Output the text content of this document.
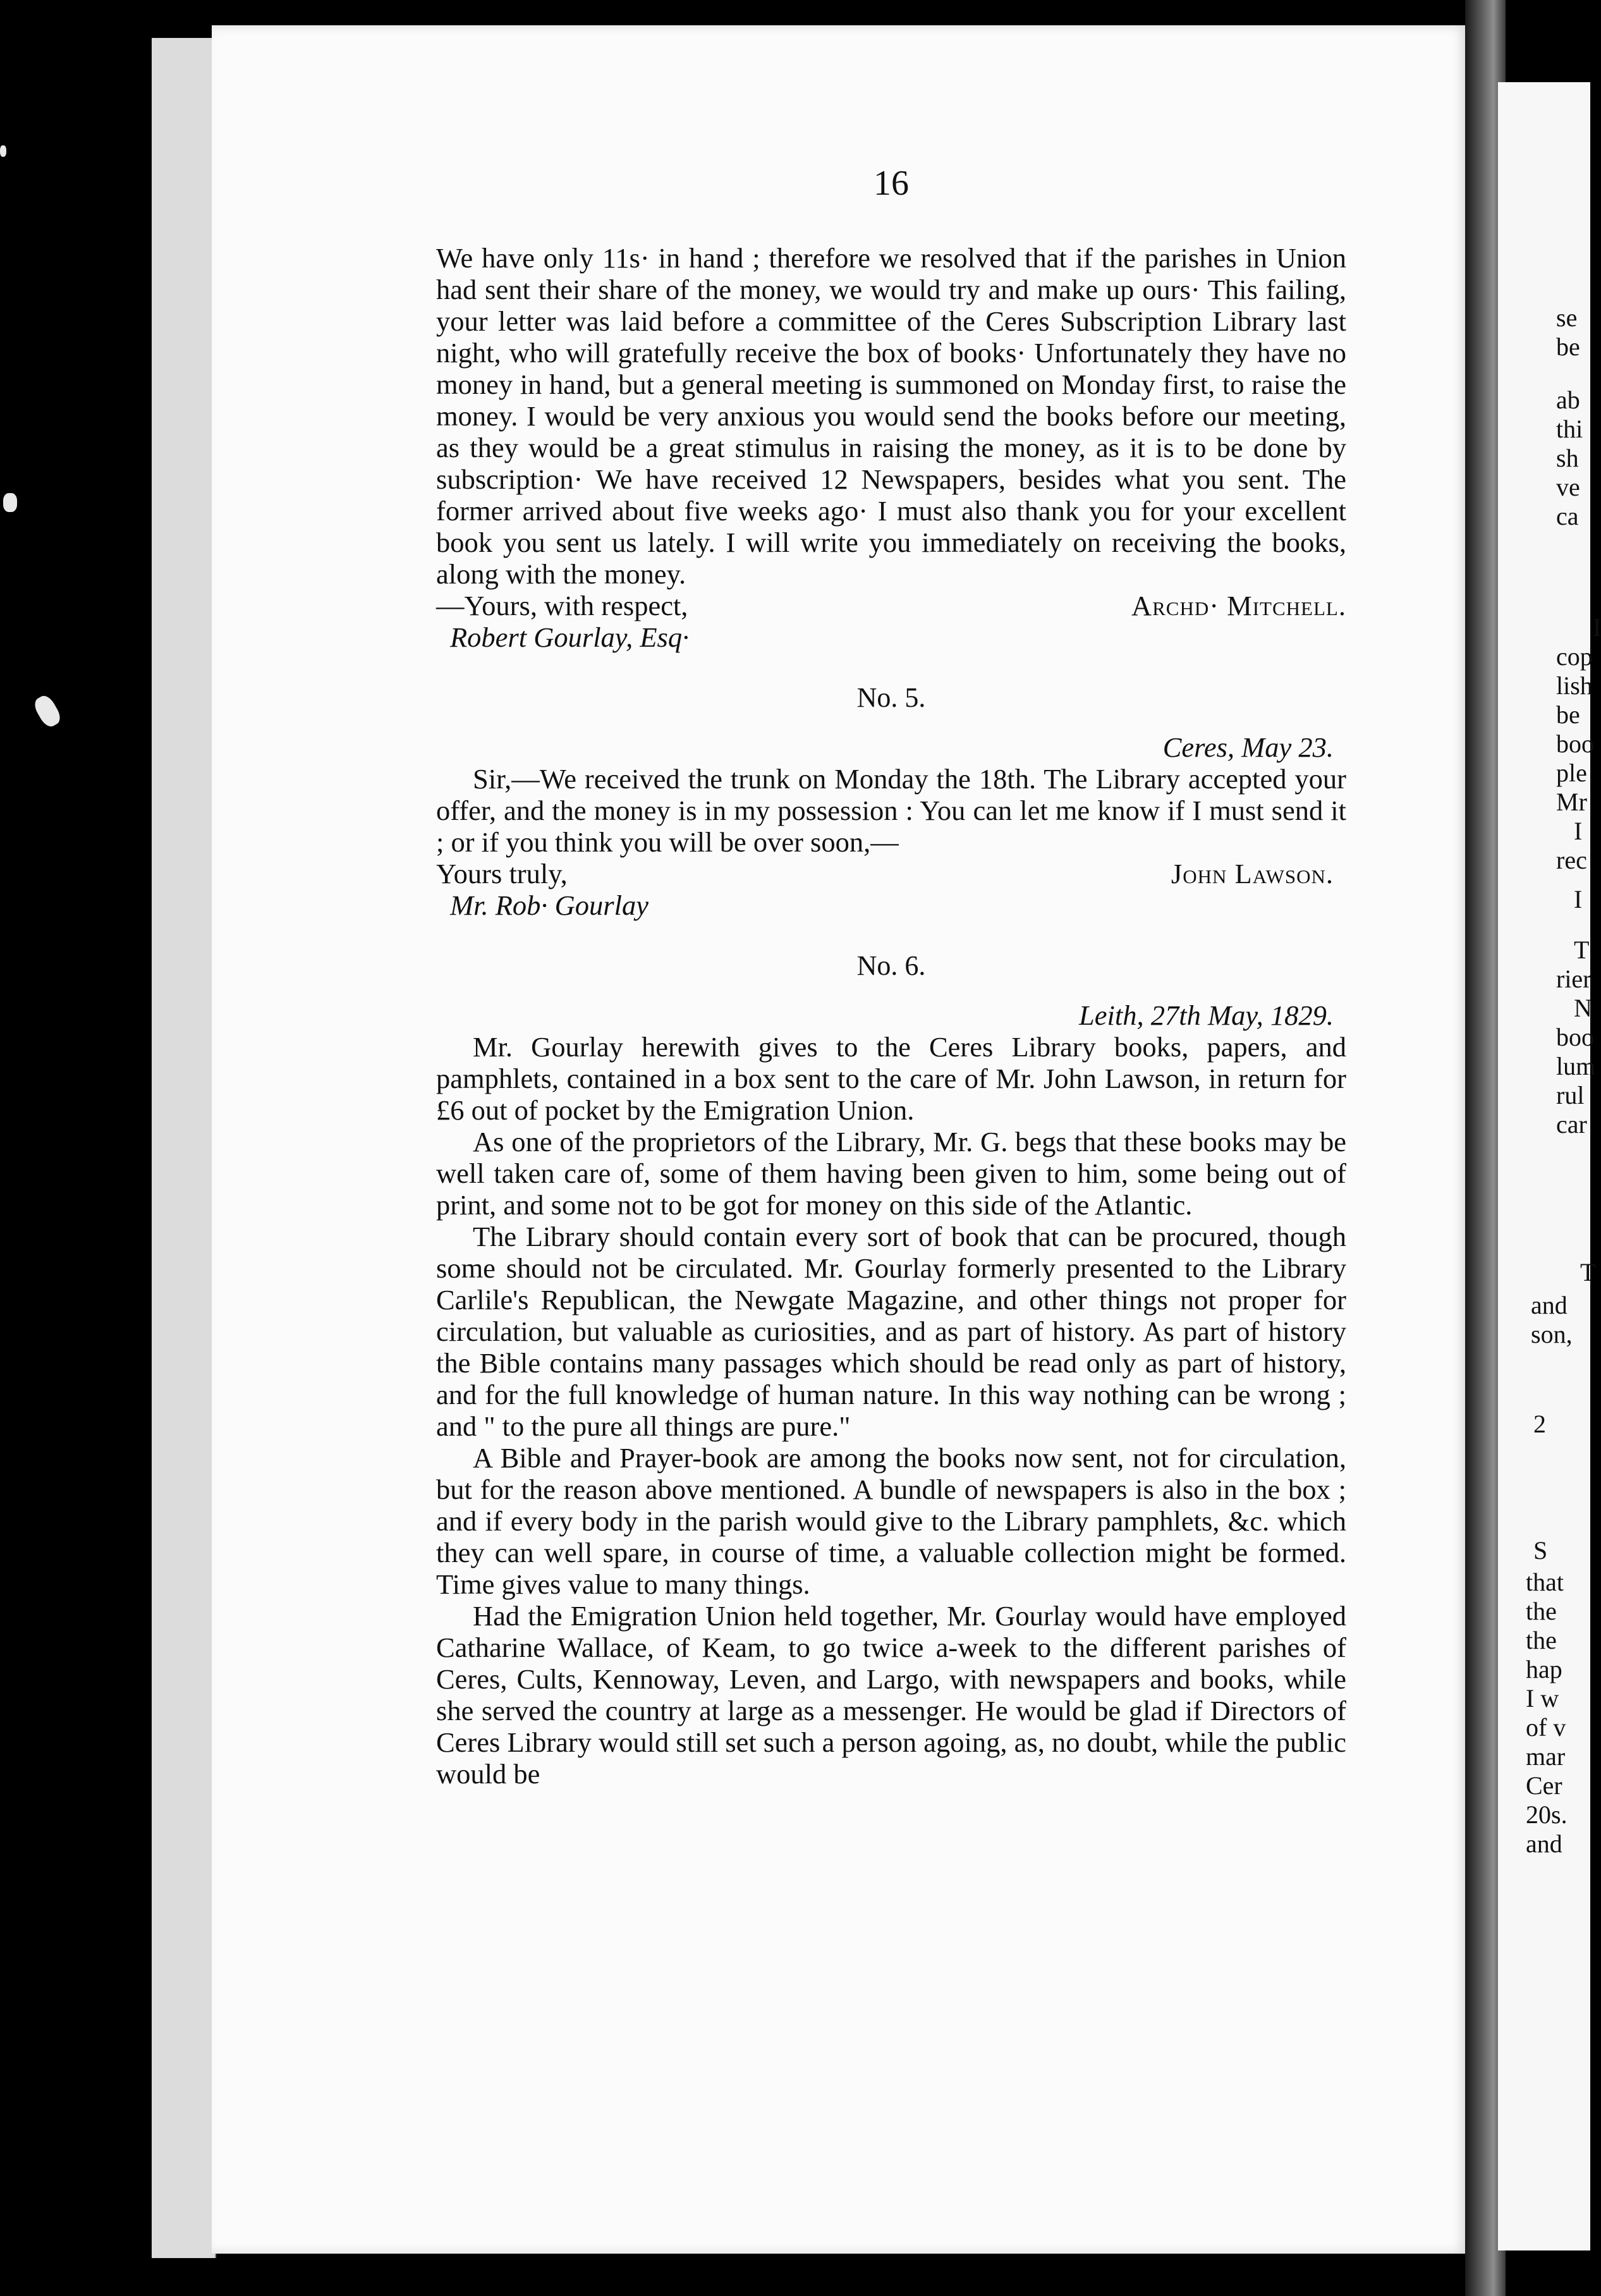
se
be
ab
thi
sh
ve
ca
I
cop
lish
be
boo
ple
Mr
I
rec
I
T
rier
N
boo
lum
rul
car
T
and
son,
2
S
that
the
the
hap
I w
of v
mar
Cer
20s.
and
16

We have only 11s· in hand ; therefore we resolved that if the parishes in Union had sent their share of the money, we would try and make up ours· This failing, your letter was laid before a committee of the Ceres Subscription Library last night, who will gratefully receive the box of books· Unfortunately they have no money in hand, but a general meeting is summoned on Monday first, to raise the money. I would be very anxious you would send the books before our meeting, as they would be a great stimulus in raising the money, as it is to be done by subscription· We have received 12 Newspapers, besides what you sent. The former arrived about five weeks ago· I must also thank you for your excellent book you sent us lately. I will write you immediately on receiving the books, along with the money.

—Yours, with respect,	Archd· Mitchell.
Robert Gourlay, Esq·
No. 5.
Ceres, May 23.

Sir,—We received the trunk on Monday the 18th. The Library accepted your offer, and the money is in my possession : You can let me know if I must send it ; or if you think you will be over soon,—

Yours truly,	John Lawson.
Mr. Rob· Gourlay
No. 6.
Leith, 27th May, 1829.

Mr. Gourlay herewith gives to the Ceres Library books, papers, and pamphlets, contained in a box sent to the care of Mr. John Lawson, in return for £6 out of pocket by the Emigration Union.

As one of the proprietors of the Library, Mr. G. begs that these books may be well taken care of, some of them having been given to him, some being out of print, and some not to be got for money on this side of the Atlantic.

The Library should contain every sort of book that can be procured, though some should not be circulated. Mr. Gourlay formerly presented to the Library Carlile's Republican, the Newgate Magazine, and other things not proper for circulation, but valuable as curiosities, and as part of history. As part of history the Bible contains many passages which should be read only as part of history, and for the full knowledge of human nature. In this way nothing can be wrong ; and " to the pure all things are pure."

A Bible and Prayer-book are among the books now sent, not for circulation, but for the reason above mentioned. A bundle of newspapers is also in the box ; and if every body in the parish would give to the Library pamphlets, &c. which they can well spare, in course of time, a valuable collection might be formed. Time gives value to many things.

Had the Emigration Union held together, Mr. Gourlay would have employed Catharine Wallace, of Keam, to go twice a-week to the different parishes of Ceres, Cults, Kennoway, Leven, and Largo, with newspapers and books, while she served the country at large as a messenger. He would be glad if Directors of Ceres Library would still set such a person agoing, as, no doubt, while the public would be
